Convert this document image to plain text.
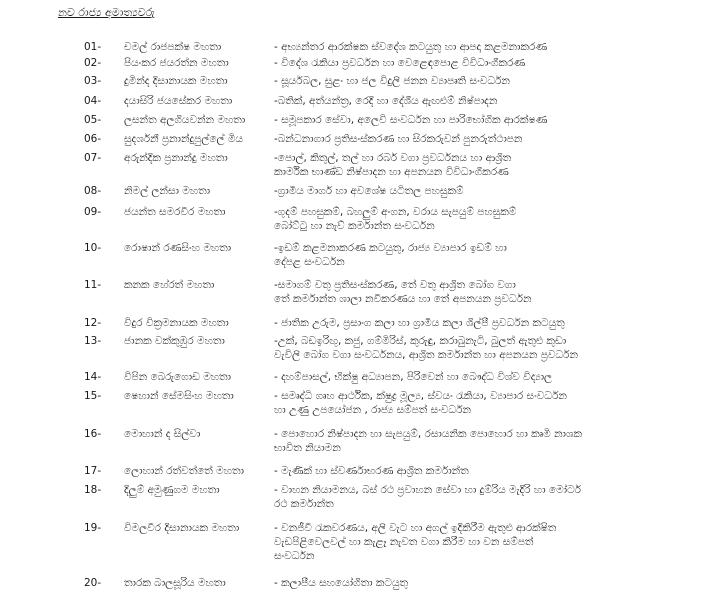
නව රාජ්‍ය අමාත්‍යවරු
01- චමල් රාජපක්ෂ මහතා	- අභ්‍යන්තර ආරක්ෂක ස්වදේශ කටයුතු හා ආපදා කළමනාකරණ
02- පියංකර ජයරත්න මහතා	- විදේශ රැකියා ප්‍රවර්ධන හා වෙළෙඳපොළ විවිධාංගීකරණ
03- දුමින්ද දිසානායක මහතා	- සූර්යබල, සුළං හා ජල විදුලි ජනන ව්‍යාපෘති සංවර්ධන
04- දයාසිරි ජයසේකර මහතා	-බතික්, අත්යන්ත්‍ර, රෙදි හා දේශීය ඇඟළුම් නිෂ්පාදන
05- ලසන්ත අලගියවන්න මහතා	- සමූපකාර සේවා, අලෙවි සංවර්ධන හා පාරිභෝගික ආරක්ෂණ
06- සුදර්ශනී ප්‍රනාන්දුපුල්ලේ මිය	-බන්ධනාගාර ප්‍රතිසංස්කරණ හා සිරකරුවන් පුනරුත්ථාපන
07- අරුන්දික ප්‍රනාන්දු මහතා	-පොල්, කිතුල්, තල් හා රබර් වගා ප්‍රවර්ධනය හා ආශ්‍රිත
කාර්මික භාණ්ඩ නිෂ්පාදන හා අපනයන විවිධාංගීකරණ
08- නිමල් ලන්සා මහතා	-ග්‍රාමීය මාර්ග හා අවශේෂ යටිතල පහසුකම්
09- ජයන්ත සමරවීර මහතා	-ගුදම් පහසුකම්, බහලුම් අංගන, වරාය සැපයුම් පහසුකම්
බෝට්ටු හා නැව් කර්මාන්ත සංවර්ධන
10- රොෂාන් රණසිංහ මහතා	-ඉඩම් කළමනාකරණ කටයුතු, රාජ්‍ය ව්‍යාපාර ඉඩම් හා
දේපළ සංවර්ධන
11- කනක හේරත් මහතා	-සමාගම් වතු ප්‍රතිසංස්කරණ, තේ වතු ආශ්‍රිත බෝග වගා
තේ කර්මාන්ත ශාලා නවීකරණය හා තේ අපනයන ප්‍රවර්ධන
12- විදුර වික්‍රමනායක මහතා	- ජාතික උරුම, ප්‍රසාංග කලා හා ග්‍රාමීය කලා ශිල්පී ප්‍රවර්ධන කටයුතු
13- ජානක වක්කුඹුර මහතා	-උක්, බඩඉරිඟු, කජු, ගම්මිරිස්, කුරුඳු, කරාබුනැටි, බුලත් ඇතුළු කුඩා
වැවිලි බෝග වගා සංවර්ධනය, ආශ්‍රිත කර්මාන්ත හා අපනයන ප්‍රවර්ධන
14- විපින බෙරුගොඩ මහතා	- දහම්පාසල්, භික්ෂු අධ්‍යාපන, පිරිවෙන් හා බෞද්ධ විශ්ව විද්‍යාල
15- ෂෙහාන් සේමසිංහ මහතා	- සමෘද්ධි ගෘහ ආර්ථික, ක්ෂුද්‍ර මූල්‍ය, ස්වයං රැකියා, ව්‍යාපාර සංවර්ධන
හා උණු උපයෝජන , රාජ්‍ය සම්පත් සංවර්ධන
16- මොහාන් ද සිල්වා	- පොහොර නිෂ්පාදන හා සැපයුම්, රසායනික පොහොර හා කෘමි නාශක
භාවිත නියාමන
17- ලොහාන් රත්වත්තේ මහතා	- මැණික් හා ස්වර්ණාභරණ ආශ්‍රිත කර්මාන්ත
18- දිලුම් අමුණුගම මහතා	- වාහන නියාමනය, බස් රථ ප්‍රවාහන සේවා හා දුම්රිය මැදිරි හා මෝටර්
රථ කර්මාන්ත
19- විමලවීර දිසානායක මහතා	- වනජීවී රැකවරණය, අලි වැට හා අගල් ඉදිකිරීම ඇතුළු ආරක්ෂිත
වැඩපිළිවෙලවල් හා කැළෑ නැවත වගා කිරීම හා වන සම්පත්
සංවර්ධන
20- තාරක බාලසූරිය මහතා	- කලාපීය සහයෝගිතා කටයුතු
